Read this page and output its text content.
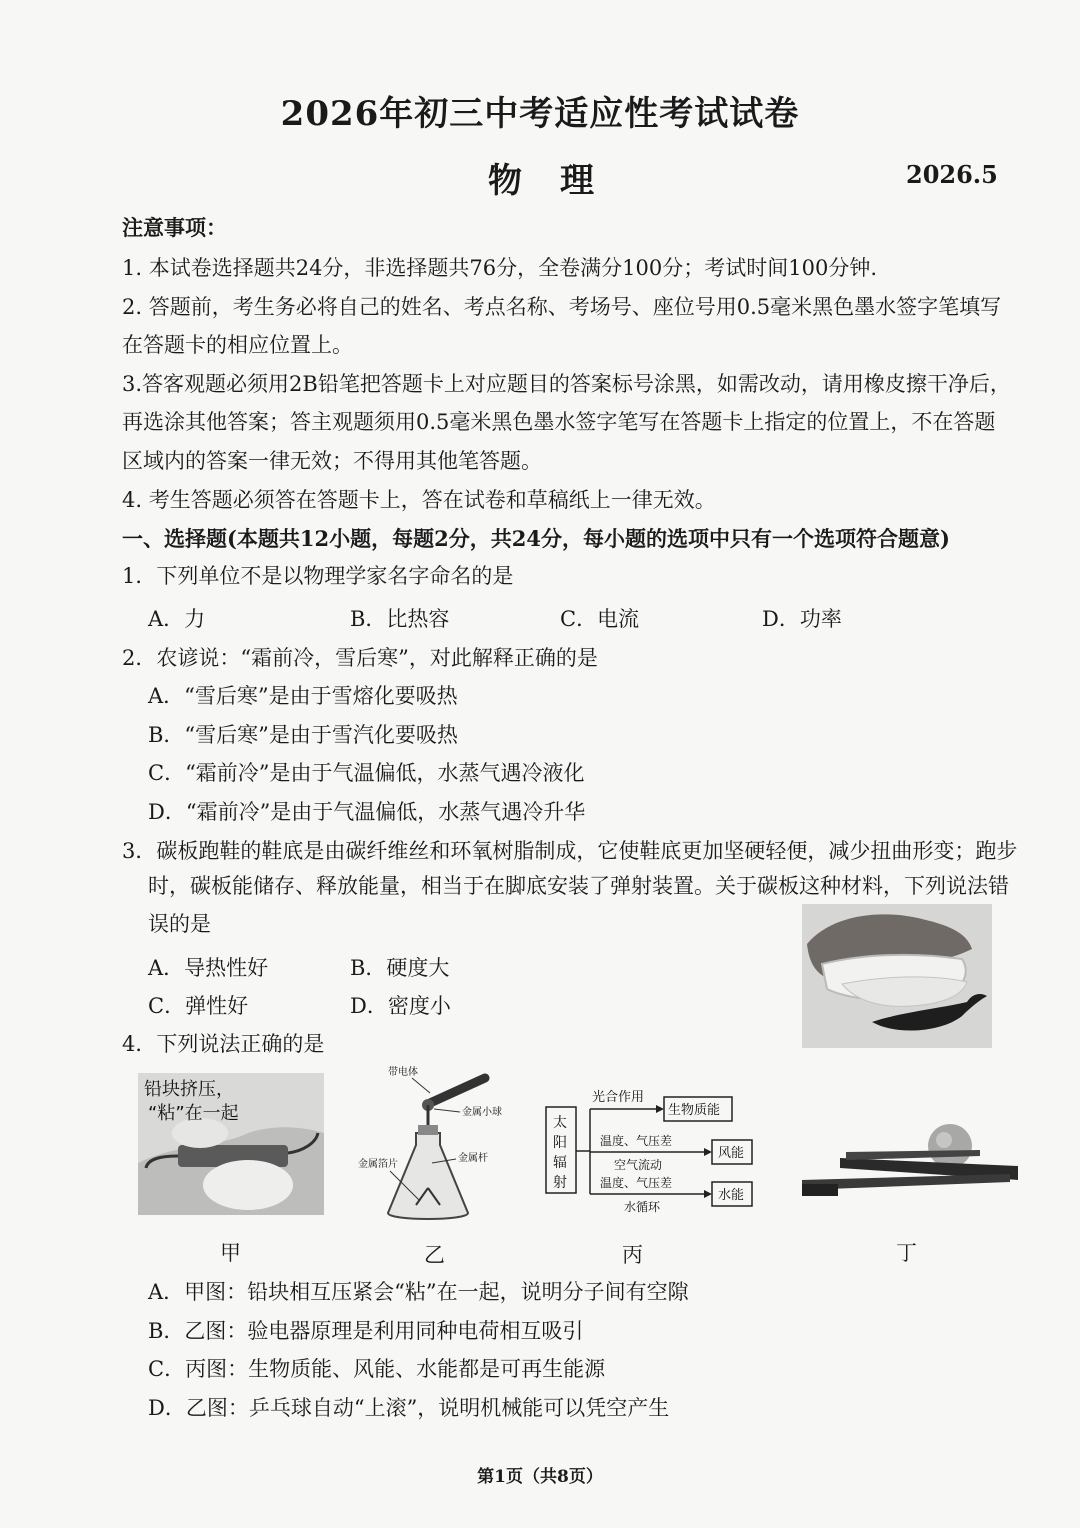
2026年初三中考适应性考试试卷
物理	2026.5
注意事项：
1. 本试卷选择题共24分，非选择题共76分，全卷满分100分；考试时间100分钟.
2. 答题前，考生务必将自己的姓名、考点名称、考场号、座位号用0.5毫米黑色墨水签字笔填写
在答题卡的相应位置上。
3.答客观题必须用2B铅笔把答题卡上对应题目的答案标号涂黑，如需改动，请用橡皮擦干净后，
再选涂其他答案；答主观题须用0.5毫米黑色墨水签字笔写在答题卡上指定的位置上，不在答题
区域内的答案一律无效；不得用其他笔答题。
4. 考生答题必须答在答题卡上，答在试卷和草稿纸上一律无效。
一、选择题(本题共12小题，每题2分，共24分，每小题的选项中只有一个选项符合题意)
1．下列单位不是以物理学家名字命名的是
A．力	B．比热容	C．电流	D．功率
2．农谚说：“霜前冷，雪后寒”，对此解释正确的是
A．“雪后寒”是由于雪熔化要吸热
B．“雪后寒”是由于雪汽化要吸热
C．“霜前冷”是由于气温偏低，水蒸气遇冷液化
D．“霜前冷”是由于气温偏低，水蒸气遇冷升华
3．碳板跑鞋的鞋底是由碳纤维丝和环氧树脂制成，它使鞋底更加坚硬轻便，减少扭曲形变；跑步
时，碳板能储存、释放能量，相当于在脚底安装了弹射装置。关于碳板这种材料，下列说法错
误的是
A．导热性好	B．硬度大
C．弹性好	D．密度小
4．下列说法正确的是
铅块挤压，
“粘”在一起
带电体
金属小球
金属箔片
金属杆
太
阳
辐
射
光合作用
温度、气压差
空气流动
温度、气压差
水循环
生物质能
风能
水能
甲	乙	丙	丁
A．甲图：铅块相互压紧会“粘”在一起，说明分子间有空隙
B．乙图：验电器原理是利用同种电荷相互吸引
C．丙图：生物质能、风能、水能都是可再生能源
D．乙图：乒乓球自动“上滚”，说明机械能可以凭空产生
第1页（共8页）
